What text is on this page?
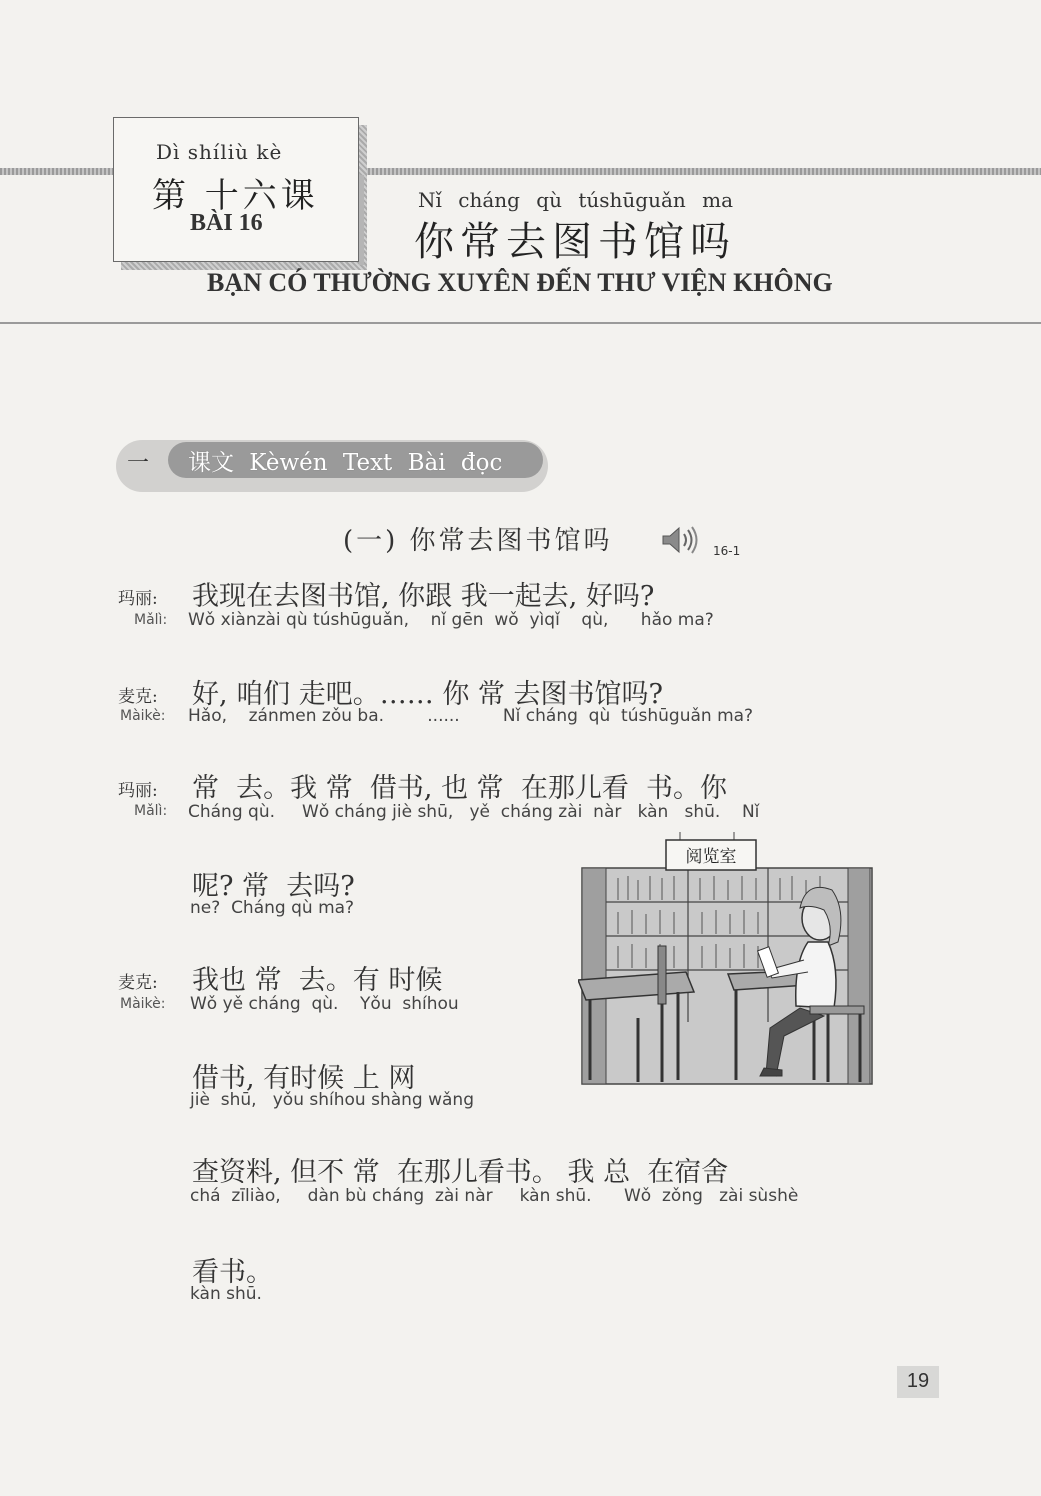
Dì shíliù kè
第 十六课
BÀI 16
Nǐ cháng qù túshūguǎn ma
你常去图书馆吗
BẠN CÓ THƯỜNG XUYÊN ĐẾN THƯ VIỆN KHÔNG
一 课文 Kèwén Text Bài đọc
(一) 你常去图书馆吗	16-1
玛丽:
Mǎlì:
我现在去图书馆, 你跟 我一起去, 好吗?
Wǒ xiànzài qù túshūguǎn,    nǐ gēn  wǒ  yìqǐ    qù,      hǎo ma?
麦克:
Màikè:
好, 咱们 走吧。…… 你 常 去图书馆吗?
Hǎo,    zánmen zǒu ba.        ......        Nǐ cháng  qù  túshūguǎn ma?
玛丽:
Mǎlì:
常  去。我 常  借书, 也 常  在那儿看  书。你
Cháng qù.     Wǒ cháng jiè shū,   yě  cháng zài  nàr   kàn   shū.    Nǐ
呢? 常  去吗?
ne?  Cháng qù ma?
麦克:
Màikè:
我也 常  去。有 时候
Wǒ yě cháng  qù.    Yǒu  shíhou
借书, 有时候 上 网
jiè  shū,   yǒu shíhou shàng wǎng
查资料, 但不 常  在那儿看书。 我 总  在宿舍
chá  zīliào,     dàn bù cháng  zài nàr     kàn shū.      Wǒ  zǒng   zài sùshè
看书。
kàn shū.
阅览室
19
